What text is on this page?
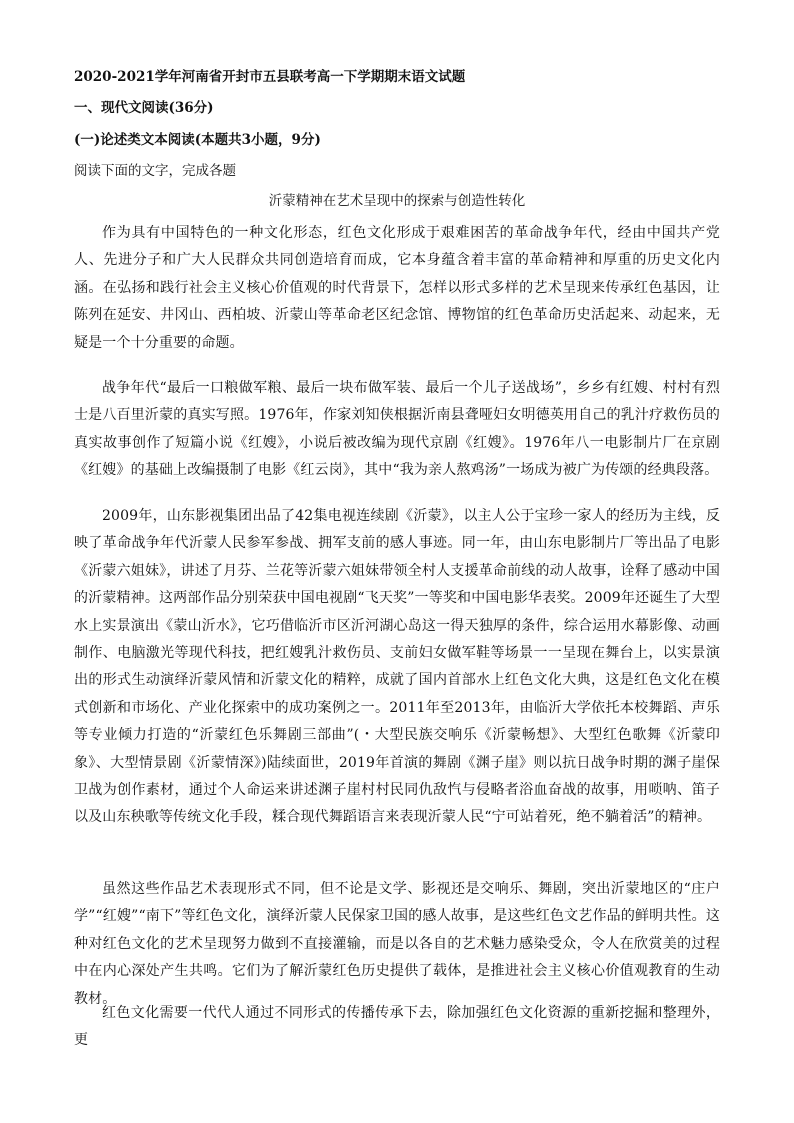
2020-2021学年河南省开封市五县联考高一下学期期末语文试题
一、现代文阅读(36分)
(一)论述类文本阅读(本题共3小题，9分)
阅读下面的文字，完成各题
沂蒙精神在艺术呈现中的探索与创造性转化
作为具有中国特色的一种文化形态，红色文化形成于艰难困苦的革命战争年代，经由中国共产党人、先进分子和广大人民群众共同创造培育而成，它本身蕴含着丰富的革命精神和厚重的历史文化内涵。在弘扬和践行社会主义核心价值观的时代背景下，怎样以形式多样的艺术呈现来传承红色基因，让陈列在延安、井冈山、西柏坡、沂蒙山等革命老区纪念馆、博物馆的红色革命历史活起来、动起来，无疑是一个十分重要的命题。
战争年代“最后一口粮做军粮、最后一块布做军装、最后一个儿子送战场”，乡乡有红嫂、村村有烈士是八百里沂蒙的真实写照。1976年，作家刘知侠根据沂南县聋哑妇女明德英用自己的乳汁疗救伤员的真实故事创作了短篇小说《红嫂》，小说后被改编为现代京剧《红嫂》。1976年八一电影制片厂在京剧《红嫂》的基础上改编摄制了电影《红云岗》，其中“我为亲人熬鸡汤”一场成为被广为传颂的经典段落。
2009年，山东影视集团出品了42集电视连续剧《沂蒙》，以主人公于宝珍一家人的经历为主线，反映了革命战争年代沂蒙人民参军参战、拥军支前的感人事迹。同一年，由山东电影制片厂等出品了电影《沂蒙六姐妹》，讲述了月芬、兰花等沂蒙六姐妹带领全村人支援革命前线的动人故事，诠释了感动中国的沂蒙精神。这两部作品分别荣获中国电视剧“飞天奖”一等奖和中国电影华表奖。2009年还诞生了大型水上实景演出《蒙山沂水》，它巧借临沂市区沂河湖心岛这一得天独厚的条件，综合运用水幕影像、动画制作、电脑激光等现代科技，把红嫂乳汁救伤员、支前妇女做军鞋等场景一一呈现在舞台上，以实景演出的形式生动演绎沂蒙风情和沂蒙文化的精粹，成就了国内首部水上红色文化大典，这是红色文化在模式创新和市场化、产业化探索中的成功案例之一。2011年至2013年，由临沂大学依托本校舞蹈、声乐等专业倾力打造的“沂蒙红色乐舞剧三部曲”(・大型民族交响乐《沂蒙畅想》、大型红色歌舞《沂蒙印象》、大型情景剧《沂蒙情深》)陆续面世，2019年首演的舞剧《渊子崖》则以抗日战争时期的渊子崖保卫战为创作素材，通过个人命运来讲述渊子崖村村民同仇敌忾与侵略者浴血奋战的故事，用唢呐、笛子以及山东秧歌等传统文化手段，糅合现代舞蹈语言来表现沂蒙人民“宁可站着死，绝不躺着活”的精神。
虽然这些作品艺术表现形式不同，但不论是文学、影视还是交响乐、舞剧，突出沂蒙地区的“庄户学”“红嫂”“南下”等红色文化，演绎沂蒙人民保家卫国的感人故事，是这些红色文艺作品的鲜明共性。这种对红色文化的艺术呈现努力做到不直接灌输，而是以各自的艺术魅力感染受众，令人在欣赏美的过程中在内心深处产生共鸣。它们为了解沂蒙红色历史提供了载体，是推进社会主义核心价值观教育的生动教材。
红色文化需要一代代人通过不同形式的传播传承下去，除加强红色文化资源的重新挖掘和整理外，更
